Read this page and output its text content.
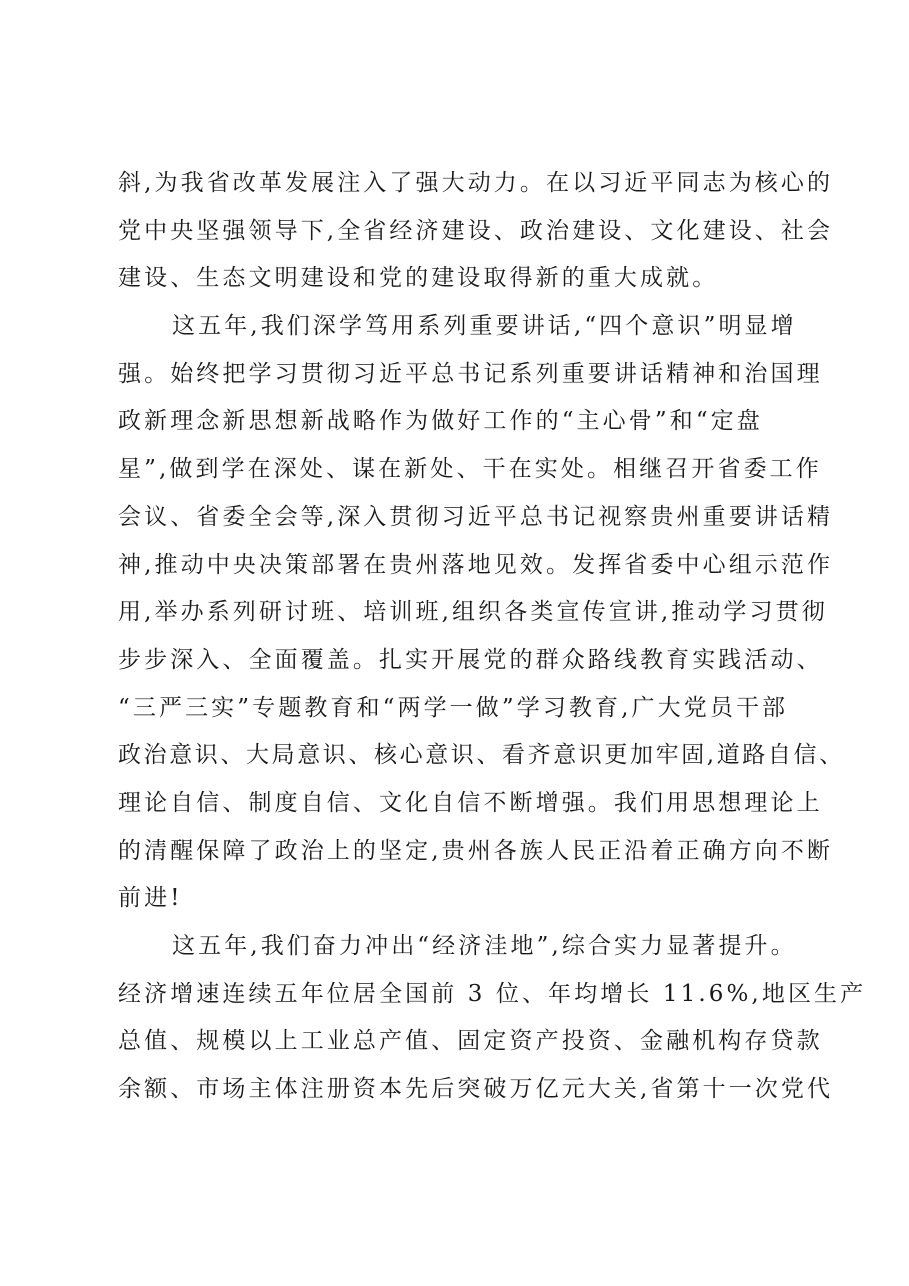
斜,为我省改革发展注入了强大动力。在以习近平同志为核心的
党中央坚强领导下,全省经济建设、政治建设、文化建设、社会
建设、生态文明建设和党的建设取得新的重大成就。
这五年,我们深学笃用系列重要讲话,“四个意识”明显增
强。始终把学习贯彻习近平总书记系列重要讲话精神和治国理
政新理念新思想新战略作为做好工作的“主心骨”和“定盘
星”,做到学在深处、谋在新处、干在实处。相继召开省委工作
会议、省委全会等,深入贯彻习近平总书记视察贵州重要讲话精
神,推动中央决策部署在贵州落地见效。发挥省委中心组示范作
用,举办系列研讨班、培训班,组织各类宣传宣讲,推动学习贯彻
步步深入、全面覆盖。扎实开展党的群众路线教育实践活动、
“三严三实”专题教育和“两学一做”学习教育,广大党员干部
政治意识、大局意识、核心意识、看齐意识更加牢固,道路自信、
理论自信、制度自信、文化自信不断增强。我们用思想理论上
的清醒保障了政治上的坚定,贵州各族人民正沿着正确方向不断
前进!
这五年,我们奋力冲出“经济洼地”,综合实力显著提升。
经济增速连续五年位居全国前 3 位、年均增长 11.6%,地区生产
总值、规模以上工业总产值、固定资产投资、金融机构存贷款
余额、市场主体注册资本先后突破万亿元大关,省第十一次党代
